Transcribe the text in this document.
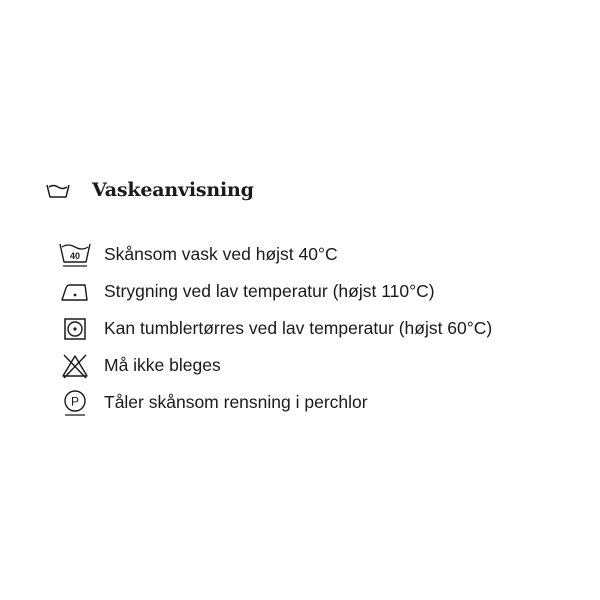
Vaskeanvisning
40 Skånsom vask ved højst 40°C
Strygning ved lav temperatur (højst 110°C)
Kan tumblertørres ved lav temperatur (højst 60°C)
Må ikke bleges
P Tåler skånsom rensning i perchlor
